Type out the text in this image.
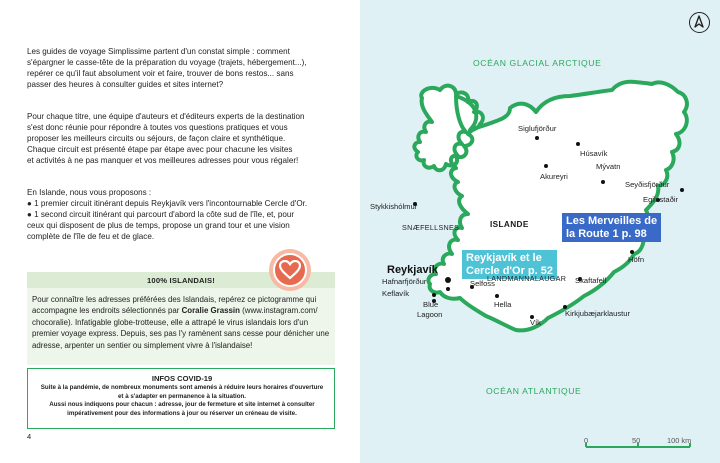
Les guides de voyage Simplissime partent d'un constat simple : comment
s'épargner le casse-tête de la préparation du voyage (trajets, hébergement...),
repérer ce qu'il faut absolument voir et faire, trouver de bons restos... sans
passer des heures à consulter guides et sites internet?
Pour chaque titre, une équipe d'auteurs et d'éditeurs experts de la destination
s'est donc réunie pour répondre à toutes vos questions pratiques et vous
proposer les meilleurs circuits ou séjours, de façon claire et synthétique.
Chaque circuit est présenté étape par étape avec pour chacune les visites
et activités à ne pas manquer et vos meilleures adresses pour vous régaler!
En Islande, nous vous proposons :
● 1 premier circuit itinérant depuis Reykjavík vers l'incontournable Cercle d'Or.
● 1 second circuit itinérant qui parcourt d'abord la côte sud de l'île, et, pour
ceux qui disposent de plus de temps, propose un grand tour et une vision
complète de l'île de feu et de glace.
100% ISLANDAIS!
Pour connaître les adresses préférées des Islandais, repérez ce pictogramme qui
accompagne les endroits sélectionnés par Coralie Grassin (www.instagram.com/
chocoralie). Infatigable globe-trotteuse, elle a attrapé le virus islandais lors d'un
premier voyage express. Depuis, ses pas l'y ramènent sans cesse pour dénicher une
adresse, arpenter un sentier ou simplement vivre à l'islandaise!
INFOS COVID-19
Suite à la pandémie, de nombreux monuments sont amenés à réduire leurs horaires d'ouverture
et à s'adapter en permanence à la situation.
Aussi nous indiquons pour chacun : adresse, jour de fermeture et site internet à consulter
impérativement pour des informations à jour ou réserver un créneau de visite.
4
OCÉAN GLACIAL ARCTIQUE
OCÉAN ATLANTIQUE
Siglufjörður
Húsavík
Mývatn
Akureyri
Seyðisfjörður
Egilsstaðir
Stykkishólmur
SNÆFELLSNES	ISLANDE	Les Merveilles de
la Route 1 p. 98
Reykjavík et le
Cercle d'Or p. 52
Höfn
Reykjavík
Hafnarfjörður
Keflavík
Blue
Lagoon
Selfoss
LANDMANNALAUGAR
Hella
Skaftafell
Kirkjubæjarklaustur
Vík
0	50	100 km
